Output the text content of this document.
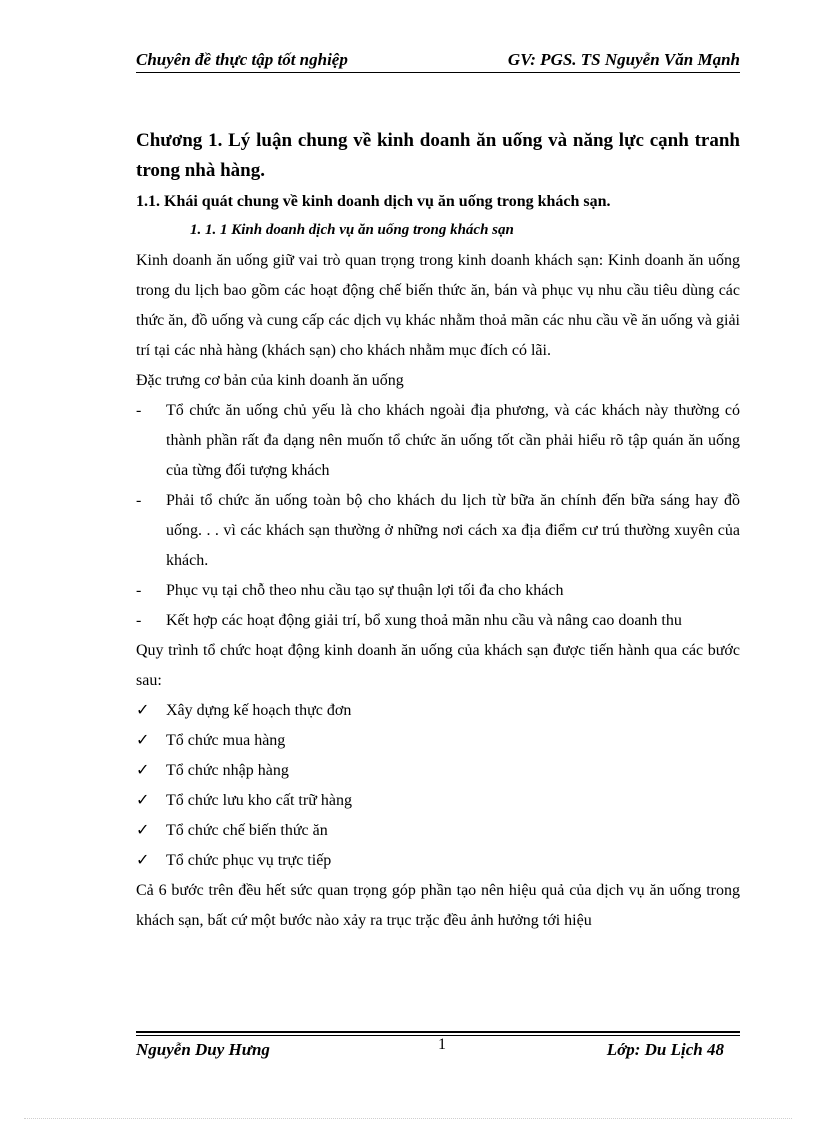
Chuyên đề thực tập tốt nghiệp	GV: PGS. TS Nguyễn Văn Mạnh
Chương 1. Lý luận chung về kinh doanh ăn uống và năng lực cạnh tranh trong nhà hàng.
1.1. Khái quát chung về kinh doanh dịch vụ ăn uống trong khách sạn.
1. 1. 1 Kinh doanh dịch vụ ăn uống trong khách sạn
Kinh doanh ăn uống giữ vai trò quan trọng trong kinh doanh khách sạn: Kinh doanh ăn uống trong du lịch bao gồm các hoạt động chế biến thức ăn, bán và phục vụ nhu cầu tiêu dùng các thức ăn, đồ uống và cung cấp các dịch vụ khác nhằm thoả mãn các nhu cầu về ăn uống và giải trí tại các nhà hàng (khách sạn) cho khách nhằm mục đích có lãi.
Đặc trưng cơ bản của kinh doanh ăn uống
-	Tổ chức ăn uống chủ yếu là cho khách ngoài địa phương, và các khách này thường có thành phần rất đa dạng nên muốn tổ chức ăn uống tốt cần phải hiểu rõ tập quán ăn uống của từng đối tượng khách
-	Phải tổ chức ăn uống toàn bộ cho khách du lịch từ bữa ăn chính đến bữa sáng hay đồ uống. . . vì các khách sạn thường ở những nơi cách xa địa điểm cư trú thường xuyên của khách.
-	Phục vụ tại chỗ theo nhu cầu tạo sự thuận lợi tối đa cho khách
-	Kết hợp các hoạt động giải trí, bổ xung thoả mãn nhu cầu và nâng cao doanh thu
Quy trình tổ chức hoạt động kinh doanh ăn uống của khách sạn được tiến hành qua các bước sau:
✓	Xây dựng kế hoạch thực đơn
✓	Tổ chức mua hàng
✓	Tổ chức nhập hàng
✓	Tổ chức lưu kho cất trữ hàng
✓	Tổ chức chế biến thức ăn
✓	Tổ chức phục vụ trực tiếp
Cả 6 bước trên đều hết sức quan trọng góp phần tạo nên hiệu quả của dịch vụ ăn uống trong khách sạn, bất cứ một bước nào xảy ra trục trặc đều ảnh hưởng tới hiệu
Nguyễn Duy Hưng	1	Lớp: Du Lịch 48
